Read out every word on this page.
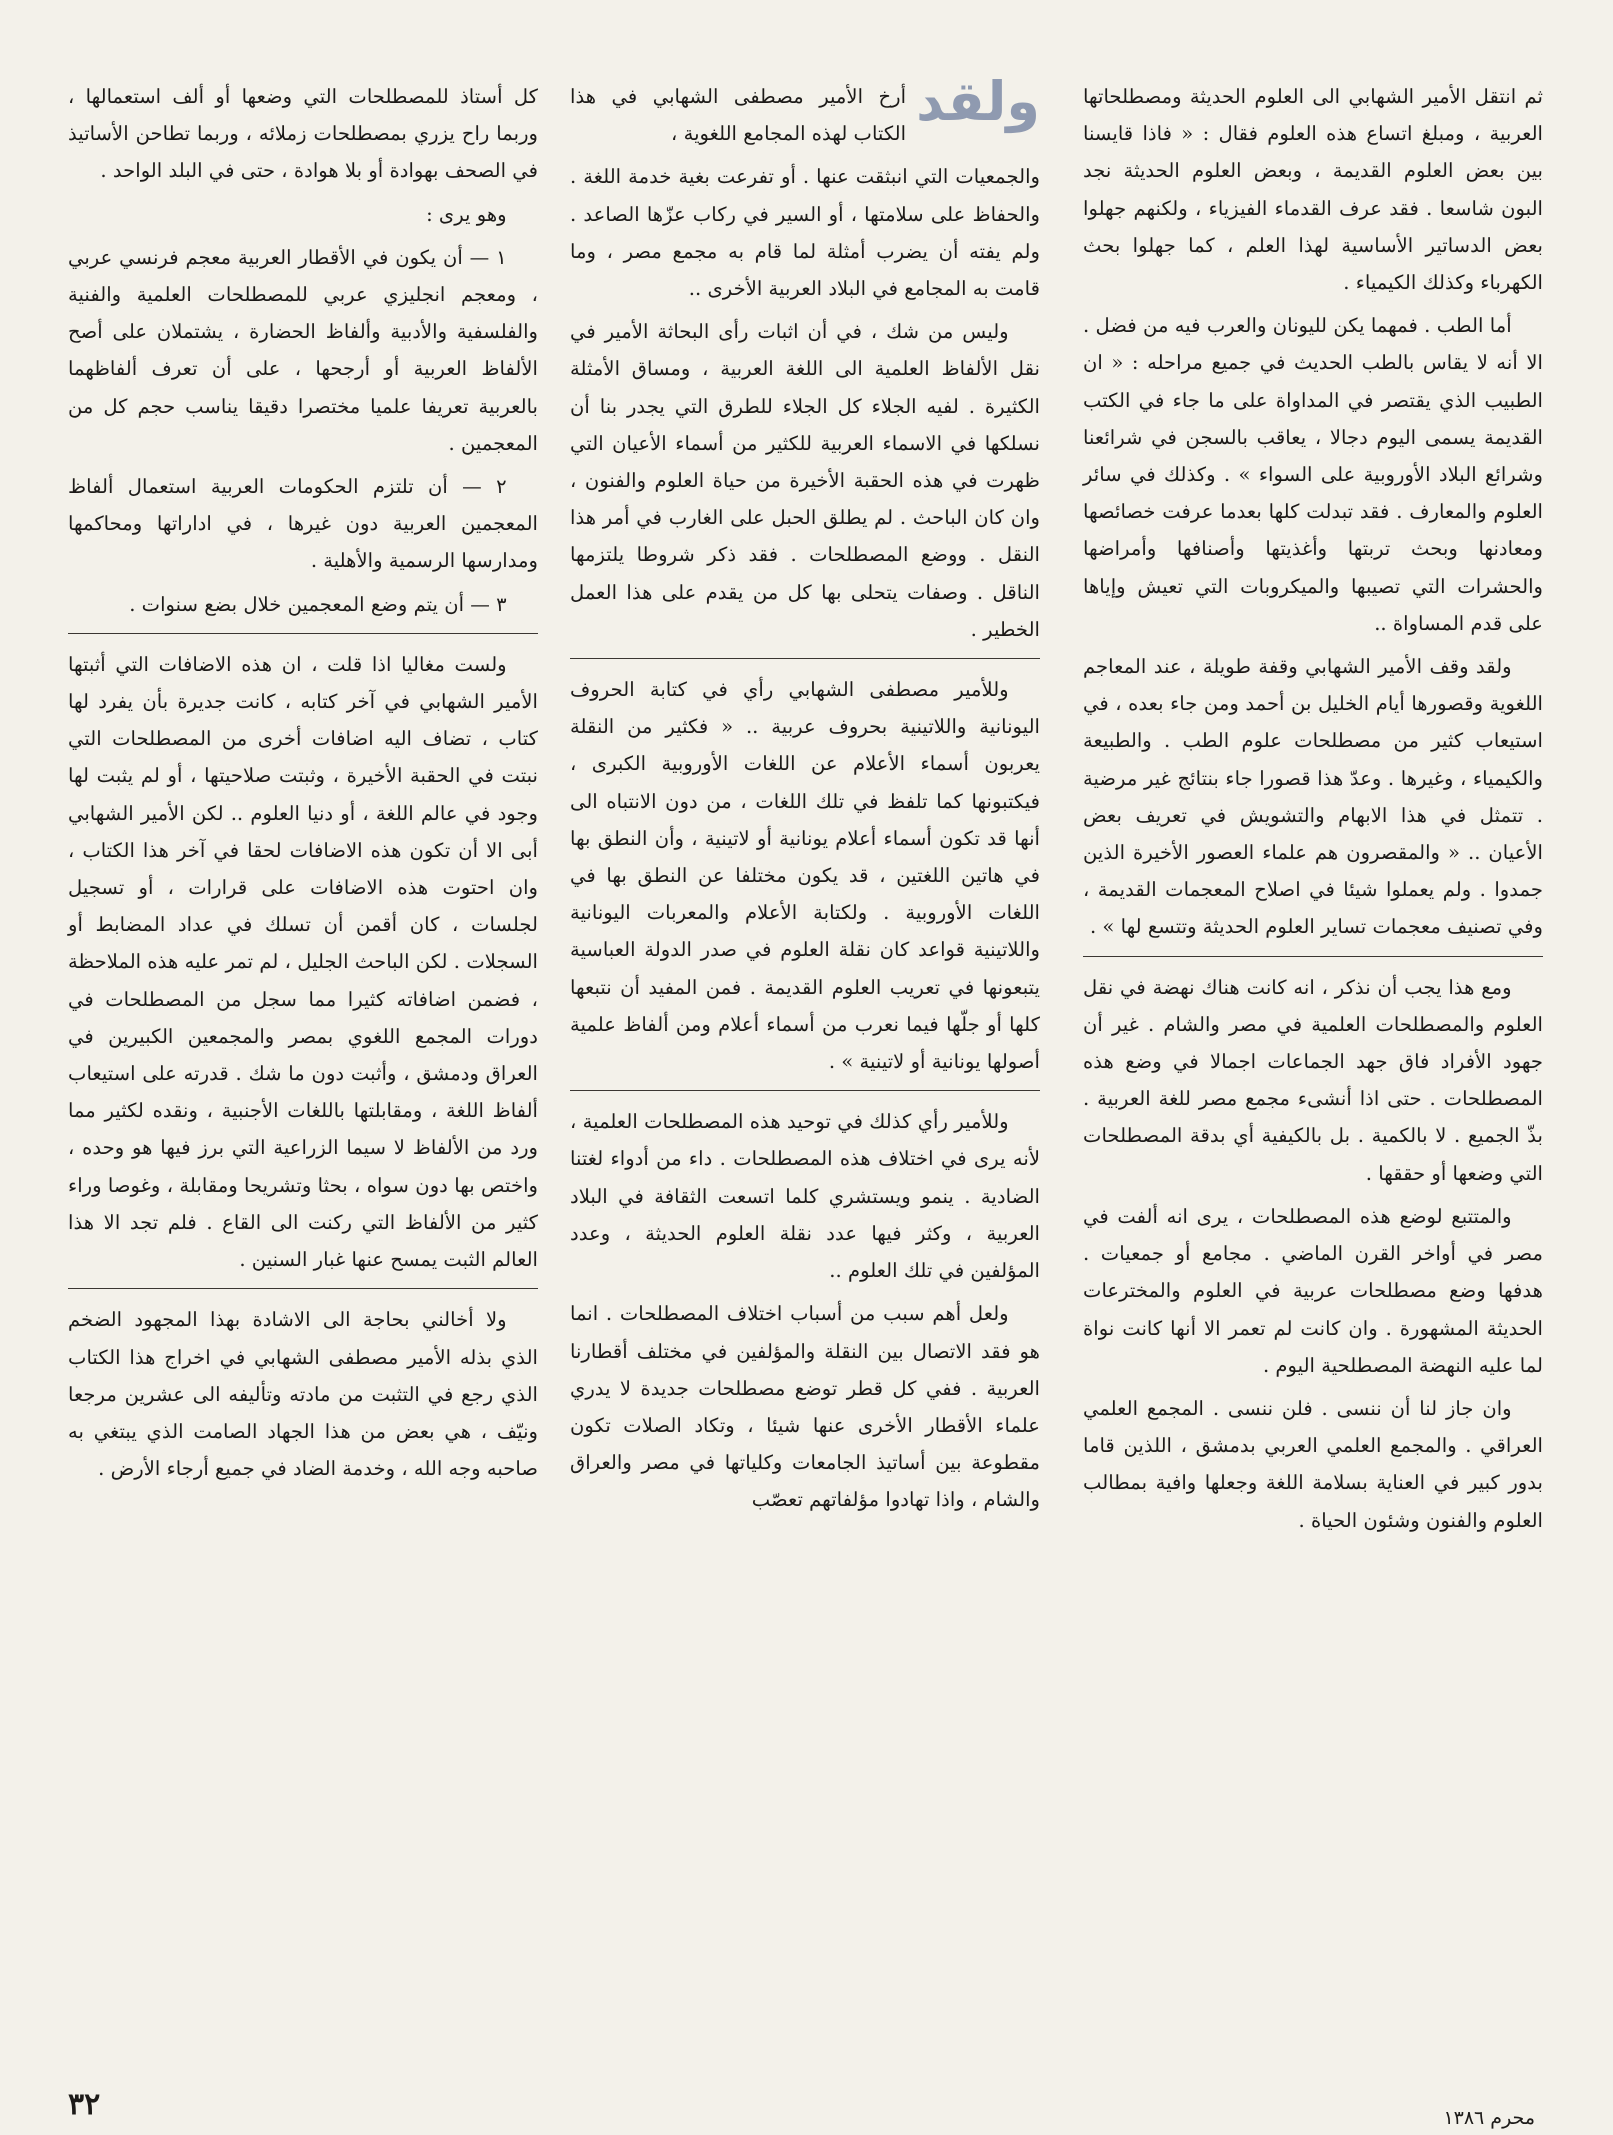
ثم انتقل الأمير الشهابي الى العلوم الحديثة ومصطلحاتها العربية ، ومبلغ اتساع هذه العلوم فقال : « فاذا قايسنا بين بعض العلوم القديمة ، وبعض العلوم الحديثة نجد البون شاسعا . فقد عرف القدماء الفيزياء ، ولكنهم جهلوا بعض الدساتير الأساسية لهذا العلم ، كما جهلوا بحث الكهرباء وكذلك الكيمياء .

أما الطب . فمهما يكن لليونان والعرب فيه من فضل . الا أنه لا يقاس بالطب الحديث في جميع مراحله : « ان الطبيب الذي يقتصر في المداواة على ما جاء في الكتب القديمة يسمى اليوم دجالا ، يعاقب بالسجن في شرائعنا وشرائع البلاد الأوروبية على السواء » . وكذلك في سائر العلوم والمعارف . فقد تبدلت كلها بعدما عرفت خصائصها ومعادنها وبحث تربتها وأغذيتها وأصنافها وأمراضها والحشرات التي تصيبها والميكروبات التي تعيش وإياها على قدم المساواة ..

ولقد وقف الأمير الشهابي وقفة طويلة ، عند المعاجم اللغوية وقصورها أيام الخليل بن أحمد ومن جاء بعده ، في استيعاب كثير من مصطلحات علوم الطب . والطبيعة والكيمياء ، وغيرها . وعدّ هذا قصورا جاء بنتائج غير مرضية . تتمثل في هذا الابهام والتشويش في تعريف بعض الأعيان .. « والمقصرون هم علماء العصور الأخيرة الذين جمدوا . ولم يعملوا شيئا في اصلاح المعجمات القديمة ، وفي تصنيف معجمات تساير العلوم الحديثة وتتسع لها » .

ومع هذا يجب أن نذكر ، انه كانت هناك نهضة في نقل العلوم والمصطلحات العلمية في مصر والشام . غير أن جهود الأفراد فاق جهد الجماعات اجمالا في وضع هذه المصطلحات . حتى اذا أنشىء مجمع مصر للغة العربية . بذّ الجميع . لا بالكمية . بل بالكيفية أي بدقة المصطلحات التي وضعها أو حققها .

والمتتبع لوضع هذه المصطلحات ، يرى انه ألفت في مصر في أواخر القرن الماضي . مجامع أو جمعيات . هدفها وضع مصطلحات عربية في العلوم والمخترعات الحديثة المشهورة . وان كانت لم تعمر الا أنها كانت نواة لما عليه النهضة المصطلحية اليوم .

وان جاز لنا أن ننسى . فلن ننسى . المجمع العلمي العراقي . والمجمع العلمي العربي بدمشق ، اللذين قاما بدور كبير في العناية بسلامة اللغة وجعلها وافية بمطالب العلوم والفنون وشئون الحياة .

ولقد

أرخ الأمير مصطفى الشهابي في هذا الكتاب لهذه المجامع اللغوية ،

والجمعيات التي انبثقت عنها . أو تفرعت بغية خدمة اللغة . والحفاظ على سلامتها ، أو السير في ركاب عزّها الصاعد . ولم يفته أن يضرب أمثلة لما قام به مجمع مصر ، وما قامت به المجامع في البلاد العربية الأخرى ..

وليس من شك ، في أن اثبات رأى البحاثة الأمير في نقل الألفاظ العلمية الى اللغة العربية ، ومساق الأمثلة الكثيرة . لفيه الجلاء كل الجلاء للطرق التي يجدر بنا أن نسلكها في الاسماء العربية للكثير من أسماء الأعيان التي ظهرت في هذه الحقبة الأخيرة من حياة العلوم والفنون ، وان كان الباحث . لم يطلق الحبل على الغارب في أمر هذا النقل . ووضع المصطلحات . فقد ذكر شروطا يلتزمها الناقل . وصفات يتحلى بها كل من يقدم على هذا العمل الخطير .

وللأمير مصطفى الشهابي رأي في كتابة الحروف اليونانية واللاتينية بحروف عربية .. « فكثير من النقلة يعربون أسماء الأعلام عن اللغات الأوروبية الكبرى ، فيكتبونها كما تلفظ في تلك اللغات ، من دون الانتباه الى أنها قد تكون أسماء أعلام يونانية أو لاتينية ، وأن النطق بها في هاتين اللغتين ، قد يكون مختلفا عن النطق بها في اللغات الأوروبية . ولكتابة الأعلام والمعربات اليونانية واللاتينية قواعد كان نقلة العلوم في صدر الدولة العباسية يتبعونها في تعريب العلوم القديمة . فمن المفيد أن نتبعها كلها أو جلّها فيما نعرب من أسماء أعلام ومن ألفاظ علمية أصولها يونانية أو لاتينية » .

وللأمير رأي كذلك في توحيد هذه المصطلحات العلمية ، لأنه يرى في اختلاف هذه المصطلحات . داء من أدواء لغتنا الضادية . ينمو ويستشري كلما اتسعت الثقافة في البلاد العربية ، وكثر فيها عدد نقلة العلوم الحديثة ، وعدد المؤلفين في تلك العلوم ..

ولعل أهم سبب من أسباب اختلاف المصطلحات . انما هو فقد الاتصال بين النقلة والمؤلفين في مختلف أقطارنا العربية . ففي كل قطر توضع مصطلحات جديدة لا يدري علماء الأقطار الأخرى عنها شيئا ، وتكاد الصلات تكون مقطوعة بين أساتيذ الجامعات وكلياتها في مصر والعراق والشام ، واذا تهادوا مؤلفاتهم تعصّب

كل أستاذ للمصطلحات التي وضعها أو ألف استعمالها ، وربما راح يزري بمصطلحات زملائه ، وربما تطاحن الأساتيذ في الصحف بهوادة أو بلا هوادة ، حتى في البلد الواحد .

وهو يرى :

١ — أن يكون في الأقطار العربية معجم فرنسي عربي ، ومعجم انجليزي عربي للمصطلحات العلمية والفنية والفلسفية والأدبية وألفاظ الحضارة ، يشتملان على أصح الألفاظ العربية أو أرجحها ، على أن تعرف ألفاظهما بالعربية تعريفا علميا مختصرا دقيقا يناسب حجم كل من المعجمين .

٢ — أن تلتزم الحكومات العربية استعمال ألفاظ المعجمين العربية دون غيرها ، في اداراتها ومحاكمها ومدارسها الرسمية والأهلية .

٣ — أن يتم وضع المعجمين خلال بضع سنوات .

ولست مغاليا اذا قلت ، ان هذه الاضافات التي أثبتها الأمير الشهابي في آخر كتابه ، كانت جديرة بأن يفرد لها كتاب ، تضاف اليه اضافات أخرى من المصطلحات التي نبتت في الحقبة الأخيرة ، وثبتت صلاحيتها ، أو لم يثبت لها وجود في عالم اللغة ، أو دنيا العلوم .. لكن الأمير الشهابي أبى الا أن تكون هذه الاضافات لحقا في آخر هذا الكتاب ، وان احتوت هذه الاضافات على قرارات ، أو تسجيل لجلسات ، كان أقمن أن تسلك في عداد المضابط أو السجلات . لكن الباحث الجليل ، لم تمر عليه هذه الملاحظة ، فضمن اضافاته كثيرا مما سجل من المصطلحات في دورات المجمع اللغوي بمصر والمجمعين الكبيرين في العراق ودمشق ، وأثبت دون ما شك . قدرته على استيعاب ألفاظ اللغة ، ومقابلتها باللغات الأجنبية ، ونقده لكثير مما ورد من الألفاظ لا سيما الزراعية التي برز فيها هو وحده ، واختص بها دون سواه ، بحثا وتشريحا ومقابلة ، وغوصا وراء كثير من الألفاظ التي ركنت الى القاع . فلم تجد الا هذا العالم الثبت يمسح عنها غبار السنين .

ولا أخالني بحاجة الى الاشادة بهذا المجهود الضخم الذي بذله الأمير مصطفى الشهابي في اخراج هذا الكتاب الذي رجع في التثبت من مادته وتأليفه الى عشرين مرجعا ونيّف ، هي بعض من هذا الجهاد الصامت الذي يبتغي به صاحبه وجه الله ، وخدمة الضاد في جميع أرجاء الأرض .

محرم ١٣٨٦
٣٢
